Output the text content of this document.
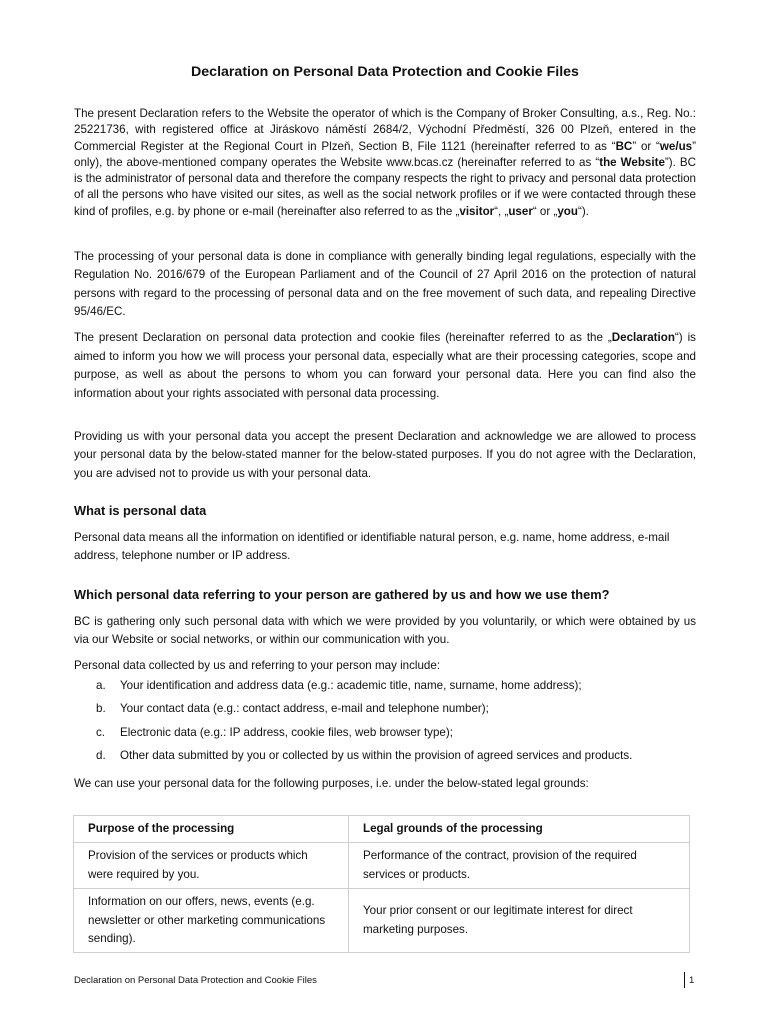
Declaration on Personal Data Protection and Cookie Files

The present Declaration refers to the Website the operator of which is the Company of Broker Consulting, a.s., Reg. No.: 25221736, with registered office at Jiráskovo náměstí 2684/2, Východní Předměstí, 326 00 Plzeň, entered in the Commercial Register at the Regional Court in Plzeň, Section B, File 1121 (hereinafter referred to as “BC” or “we/us” only), the above-mentioned company operates the Website www.bcas.cz (hereinafter referred to as “the Website”). BC is the administrator of personal data and therefore the company respects the right to privacy and personal data protection of all the persons who have visited our sites, as well as the social network profiles or if we were contacted through these kind of profiles, e.g. by phone or e-mail (hereinafter also referred to as the „visitor“, „user“ or „you“).

The processing of your personal data is done in compliance with generally binding legal regulations, especially with the Regulation No. 2016/679 of the European Parliament and of the Council of 27 April 2016 on the protection of natural persons with regard to the processing of personal data and on the free movement of such data, and repealing Directive 95/46/EC.

The present Declaration on personal data protection and cookie files (hereinafter referred to as the „Declaration“) is aimed to inform you how we will process your personal data, especially what are their processing categories, scope and purpose, as well as about the persons to whom you can forward your personal data. Here you can find also the information about your rights associated with personal data processing.

Providing us with your personal data you accept the present Declaration and acknowledge we are allowed to process your personal data by the below-stated manner for the below-stated purposes. If you do not agree with the Declaration, you are advised not to provide us with your personal data.

What is personal data

Personal data means all the information on identified or identifiable natural person, e.g. name, home address, e-mail address, telephone number or IP address.

Which personal data referring to your person are gathered by us and how we use them?

BC is gathering only such personal data with which we were provided by you voluntarily, or which were obtained by us via our Website or social networks, or within our communication with you.

Personal data collected by us and referring to your person may include:

a.	Your identification and address data (e.g.: academic title, name, surname, home address);
b.	Your contact data (e.g.: contact address, e-mail and telephone number);
c.	Electronic data (e.g.: IP address, cookie files, web browser type);
d.	Other data submitted by you or collected by us within the provision of agreed services and products.

We can use your personal data for the following purposes, i.e. under the below-stated legal grounds:

Purpose of the processing	Legal grounds of the processing
Provision of the services or products which were required by you.	Performance of the contract, provision of the required services or products.
Information on our offers, news, events (e.g. newsletter or other marketing communications sending).	Your prior consent or our legitimate interest for direct marketing purposes.
Declaration on Personal Data Protection and Cookie Files	1
